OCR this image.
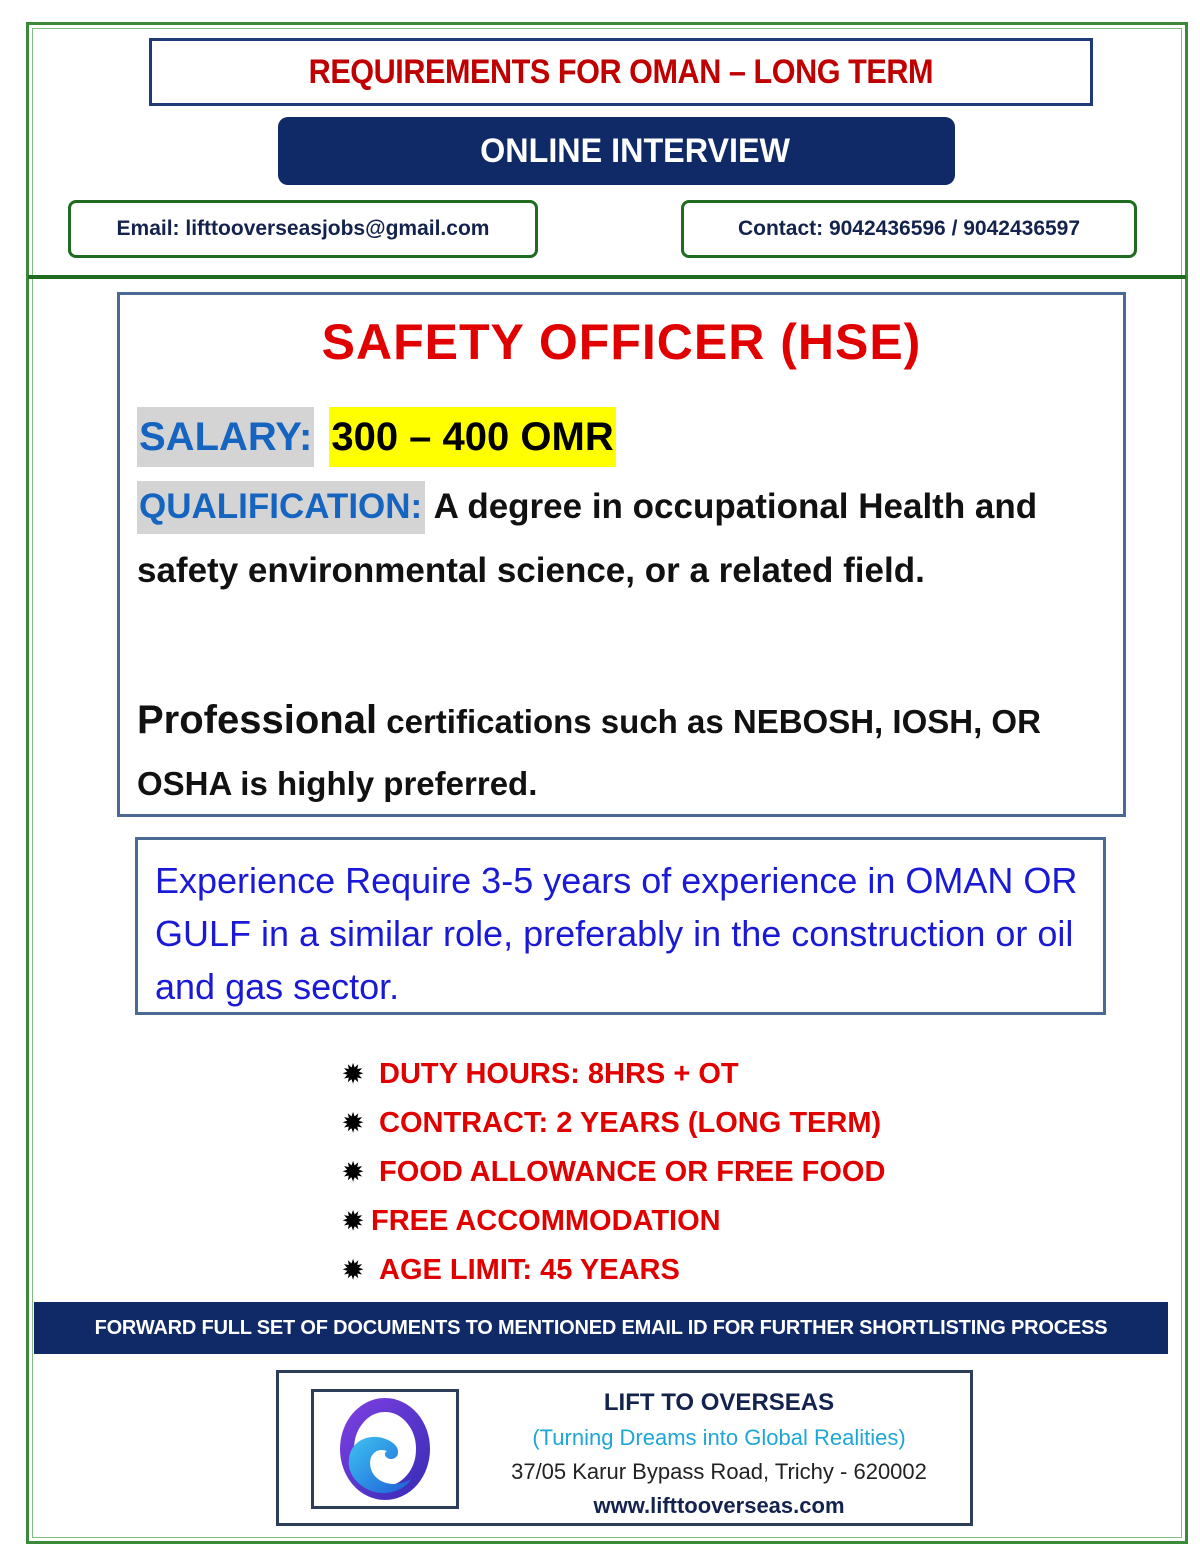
REQUIREMENTS FOR OMAN – LONG TERM
ONLINE INTERVIEW
Email: lifttooverseasjobs@gmail.com	Contact: 9042436596 / 9042436597
SAFETY OFFICER (HSE)
SALARY: 300 – 400 OMR
QUALIFICATION: A degree in occupational Health and safety environmental science, or a related field.
Professional certifications such as NEBOSH, IOSH, OR OSHA is highly preferred.
Experience Require 3-5 years of experience in OMAN OR GULF in a similar role, preferably in the construction or oil and gas sector.
✹ DUTY HOURS: 8HRS + OT
✹ CONTRACT: 2 YEARS (LONG TERM)
✹ FOOD ALLOWANCE OR FREE FOOD
✹ FREE ACCOMMODATION
✹ AGE LIMIT: 45 YEARS
FORWARD FULL SET OF DOCUMENTS TO MENTIONED EMAIL ID FOR FURTHER SHORTLISTING PROCESS
LIFT TO OVERSEAS
(Turning Dreams into Global Realities)
37/05 Karur Bypass Road, Trichy - 620002
www.lifttooverseas.com
